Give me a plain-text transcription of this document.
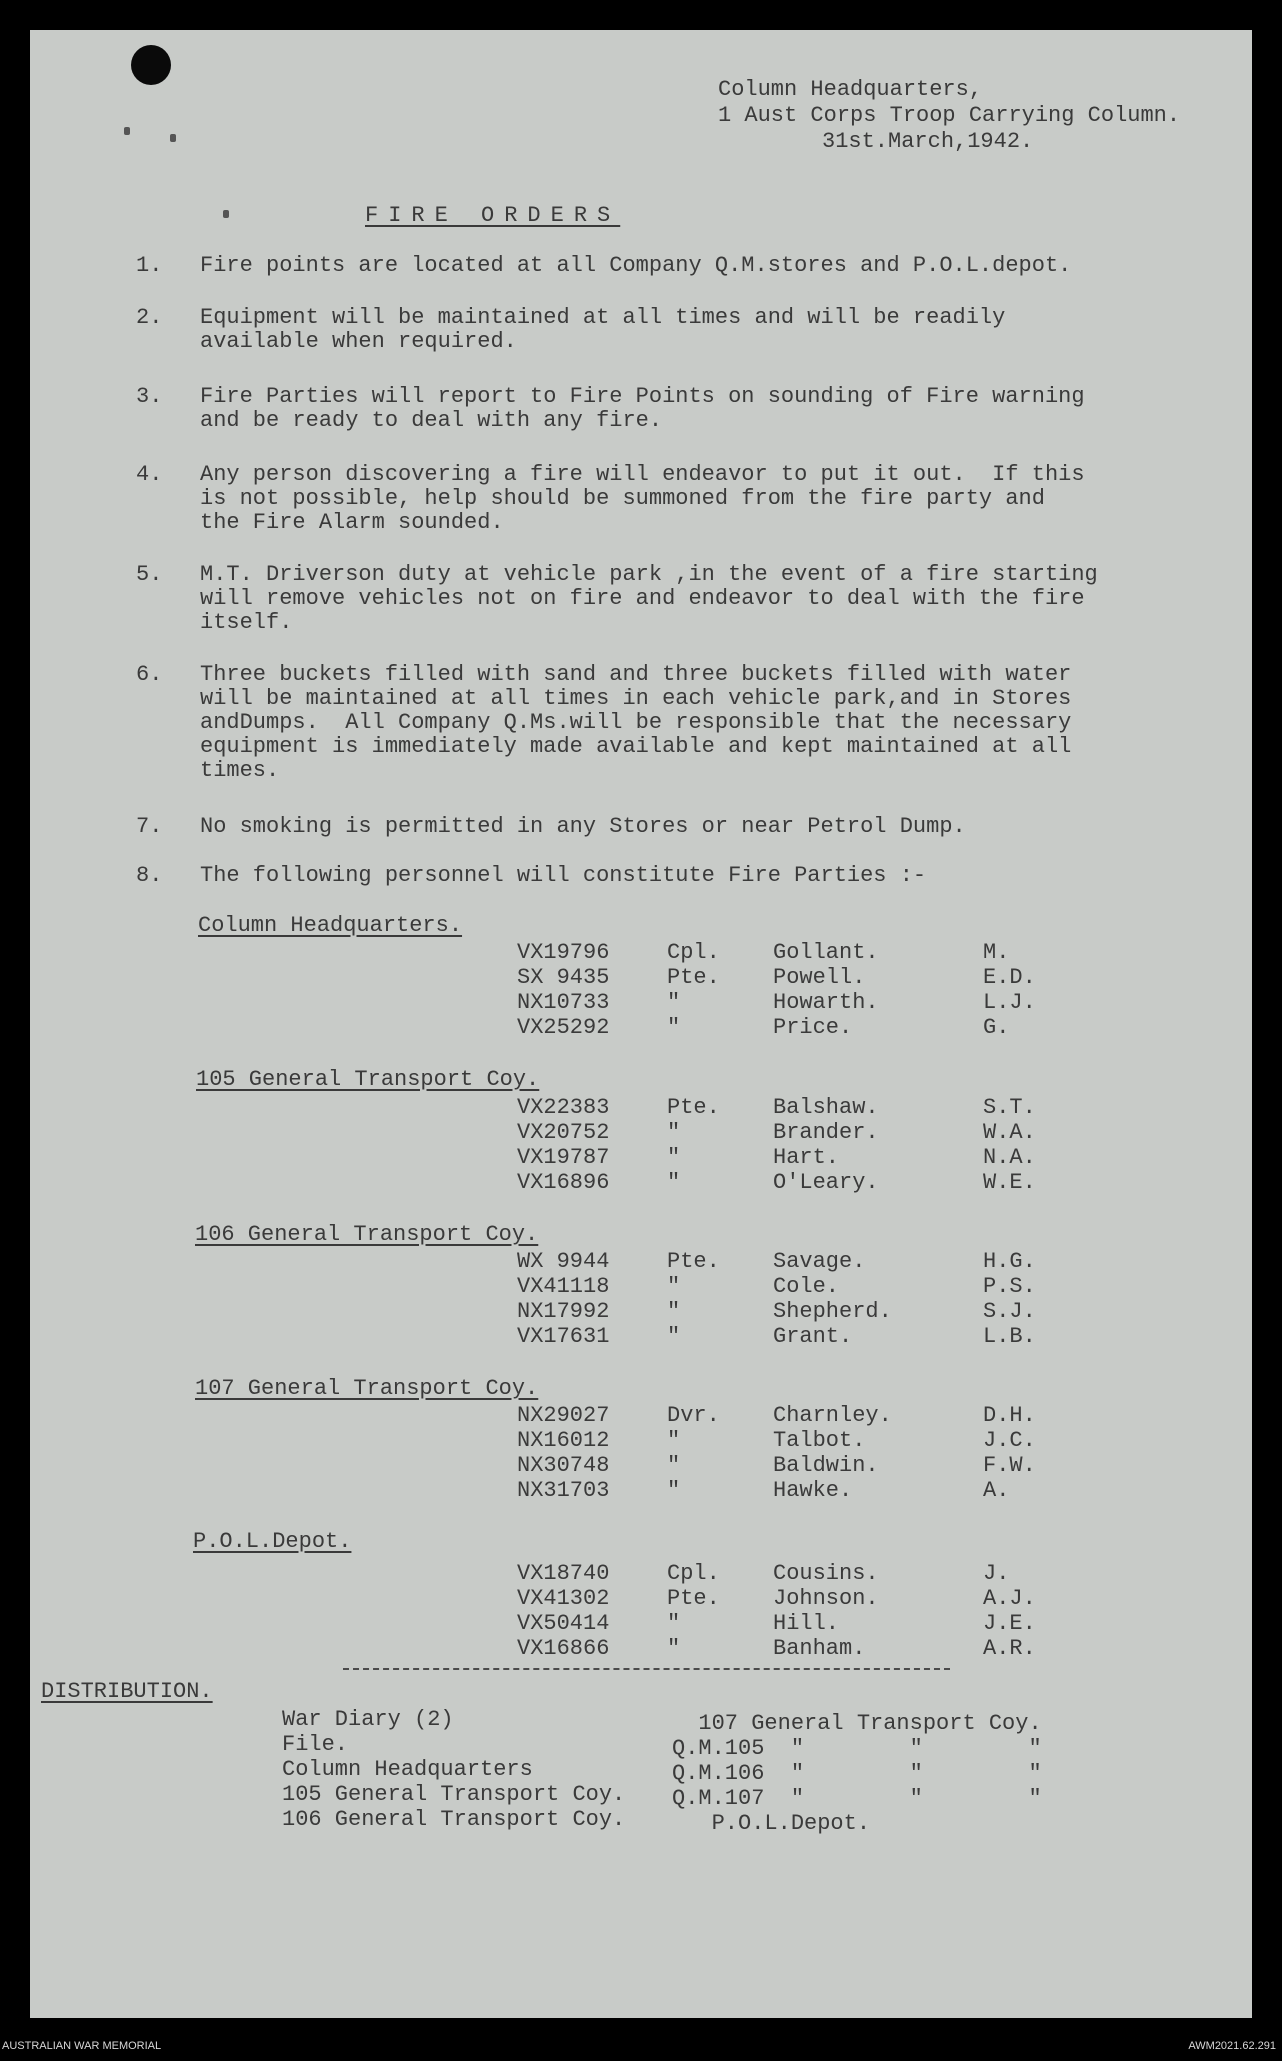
Column Headquarters,
1 Aust Corps Troop Carrying Column.
31st.March,1942.
FIRE ORDERS
1. Fire points are located at all Company Q.M.stores and P.O.L.depot.
2. Equipment will be maintained at all times and will be readily
available when required.
3. Fire Parties will report to Fire Points on sounding of Fire warning
and be ready to deal with any fire.
4. Any person discovering a fire will endeavor to put it out.  If this
is not possible, help should be summoned from the fire party and
the Fire Alarm sounded.
5. M.T. Driverson duty at vehicle park ,in the event of a fire starting
will remove vehicles not on fire and endeavor to deal with the fire
itself.
6. Three buckets filled with sand and three buckets filled with water
will be maintained at all times in each vehicle park,and in Stores
andDumps.  All Company Q.Ms.will be responsible that the necessary
equipment is immediately made available and kept maintained at all
times.
7. No smoking is permitted in any Stores or near Petrol Dump.
8. The following personnel will constitute Fire Parties :-
Column Headquarters.
VX19796	Cpl. Gollant.	M.
SX 9435	Pte. Powell.	E.D.
NX10733	"	Howarth.	L.J.
VX25292	"	Price.	G.
105 General Transport Coy.
VX22383	Pte. Balshaw.	S.T.
VX20752	"	Brander.	W.A.
VX19787	"	Hart.	N.A.
VX16896	"	O'Leary.	W.E.
106 General Transport Coy.
WX 9944	Pte. Savage.	H.G.
VX41118	"	Cole.	P.S.
NX17992	"	Shepherd.	S.J.
VX17631	"	Grant.	L.B.
107 General Transport Coy.
NX29027	Dvr. Charnley.	D.H.
NX16012	"	Talbot.	J.C.
NX30748	"	Baldwin.	F.W.
NX31703	"	Hawke.	A.
P.O.L.Depot.
VX18740	Cpl. Cousins.	J.
VX41302	Pte. Johnson.	A.J.
VX50414	"	Hill.	J.E.
VX16866	"	Banham.	A.R.
DISTRIBUTION.
War Diary (2)
File.
Column Headquarters
105 General Transport Coy.
106 General Transport Coy.
107 General Transport Coy.
Q.M.105  "        "        "
Q.M.106  "        "        "
Q.M.107  "        "        "
P.O.L.Depot.
AUSTRALIAN WAR MEMORIAL	AWM2021.62.291
